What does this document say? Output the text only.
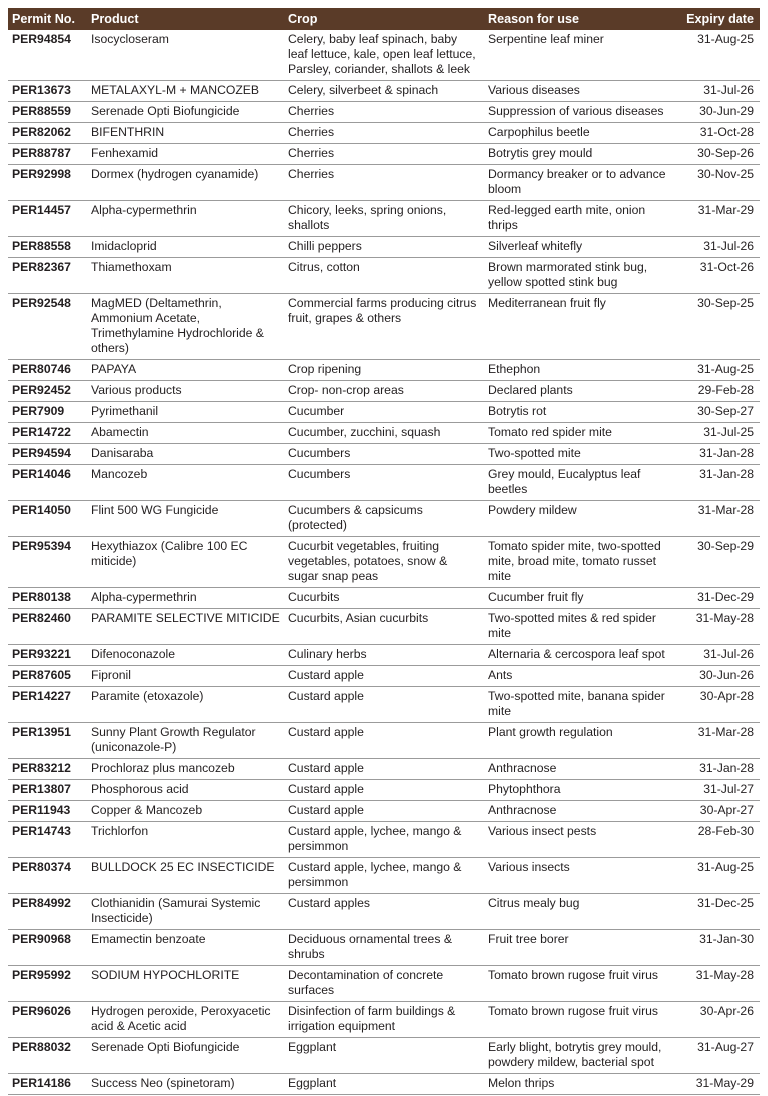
Permit No.	Product	Crop	Reason for use	Expiry date
PER94854	Isocycloseram	Celery, baby leaf spinach, baby leaf lettuce, kale, open leaf lettuce, Parsley, coriander, shallots & leek	Serpentine leaf miner	31-Aug-25
PER13673	METALAXYL-M + MANCOZEB	Celery, silverbeet & spinach	Various diseases	31-Jul-26
PER88559	Serenade Opti Biofungicide	Cherries	Suppression of various diseases	30-Jun-29
PER82062	BIFENTHRIN	Cherries	Carpophilus beetle	31-Oct-28
PER88787	Fenhexamid	Cherries	Botrytis grey mould	30-Sep-26
PER92998	Dormex (hydrogen cyanamide)	Cherries	Dormancy breaker or to advance bloom	30-Nov-25
PER14457	Alpha-cypermethrin	Chicory, leeks, spring onions, shallots	Red-legged earth mite, onion thrips	31-Mar-29
PER88558	Imidacloprid	Chilli peppers	Silverleaf whitefly	31-Jul-26
PER82367	Thiamethoxam	Citrus, cotton	Brown marmorated stink bug, yellow spotted stink bug	31-Oct-26
PER92548	MagMED (Deltamethrin, Ammonium Acetate, Trimethylamine Hydrochloride & others)	Commercial farms producing citrus fruit, grapes & others	Mediterranean fruit fly	30-Sep-25
PER80746	PAPAYA	Crop ripening	Ethephon	31-Aug-25
PER92452	Various products	Crop- non-crop areas	Declared plants	29-Feb-28
PER7909	Pyrimethanil	Cucumber	Botrytis rot	30-Sep-27
PER14722	Abamectin	Cucumber, zucchini, squash	Tomato red spider mite	31-Jul-25
PER94594	Danisaraba	Cucumbers	Two-spotted mite	31-Jan-28
PER14046	Mancozeb	Cucumbers	Grey mould, Eucalyptus leaf beetles	31-Jan-28
PER14050	Flint 500 WG Fungicide	Cucumbers & capsicums (protected)	Powdery mildew	31-Mar-28
PER95394	Hexythiazox (Calibre 100 EC miticide)	Cucurbit vegetables, fruiting vegetables, potatoes, snow & sugar snap peas	Tomato spider mite, two-spotted mite, broad mite, tomato russet mite	30-Sep-29
PER80138	Alpha-cypermethrin	Cucurbits	Cucumber fruit fly	31-Dec-29
PER82460	PARAMITE SELECTIVE MITICIDE	Cucurbits, Asian cucurbits	Two-spotted mites & red spider mite	31-May-28
PER93221	Difenoconazole	Culinary herbs	Alternaria & cercospora leaf spot	31-Jul-26
PER87605	Fipronil	Custard apple	Ants	30-Jun-26
PER14227	Paramite (etoxazole)	Custard apple	Two-spotted mite, banana spider mite	30-Apr-28
PER13951	Sunny Plant Growth Regulator (uniconazole-P)	Custard apple	Plant growth regulation	31-Mar-28
PER83212	Prochloraz plus mancozeb	Custard apple	Anthracnose	31-Jan-28
PER13807	Phosphorous acid	Custard apple	Phytophthora	31-Jul-27
PER11943	Copper & Mancozeb	Custard apple	Anthracnose	30-Apr-27
PER14743	Trichlorfon	Custard apple, lychee, mango & persimmon	Various insect pests	28-Feb-30
PER80374	BULLDOCK 25 EC INSECTICIDE	Custard apple, lychee, mango & persimmon	Various insects	31-Aug-25
PER84992	Clothianidin (Samurai Systemic Insecticide)	Custard apples	Citrus mealy bug	31-Dec-25
PER90968	Emamectin benzoate	Deciduous ornamental trees & shrubs	Fruit tree borer	31-Jan-30
PER95992	SODIUM HYPOCHLORITE	Decontamination of concrete surfaces	Tomato brown rugose fruit virus	31-May-28
PER96026	Hydrogen peroxide, Peroxyacetic acid & Acetic acid	Disinfection of farm buildings & irrigation equipment	Tomato brown rugose fruit virus	30-Apr-26
PER88032	Serenade Opti Biofungicide	Eggplant	Early blight, botrytis grey mould, powdery mildew, bacterial spot	31-Aug-27
PER14186	Success Neo (spinetoram)	Eggplant	Melon thrips	31-May-29
